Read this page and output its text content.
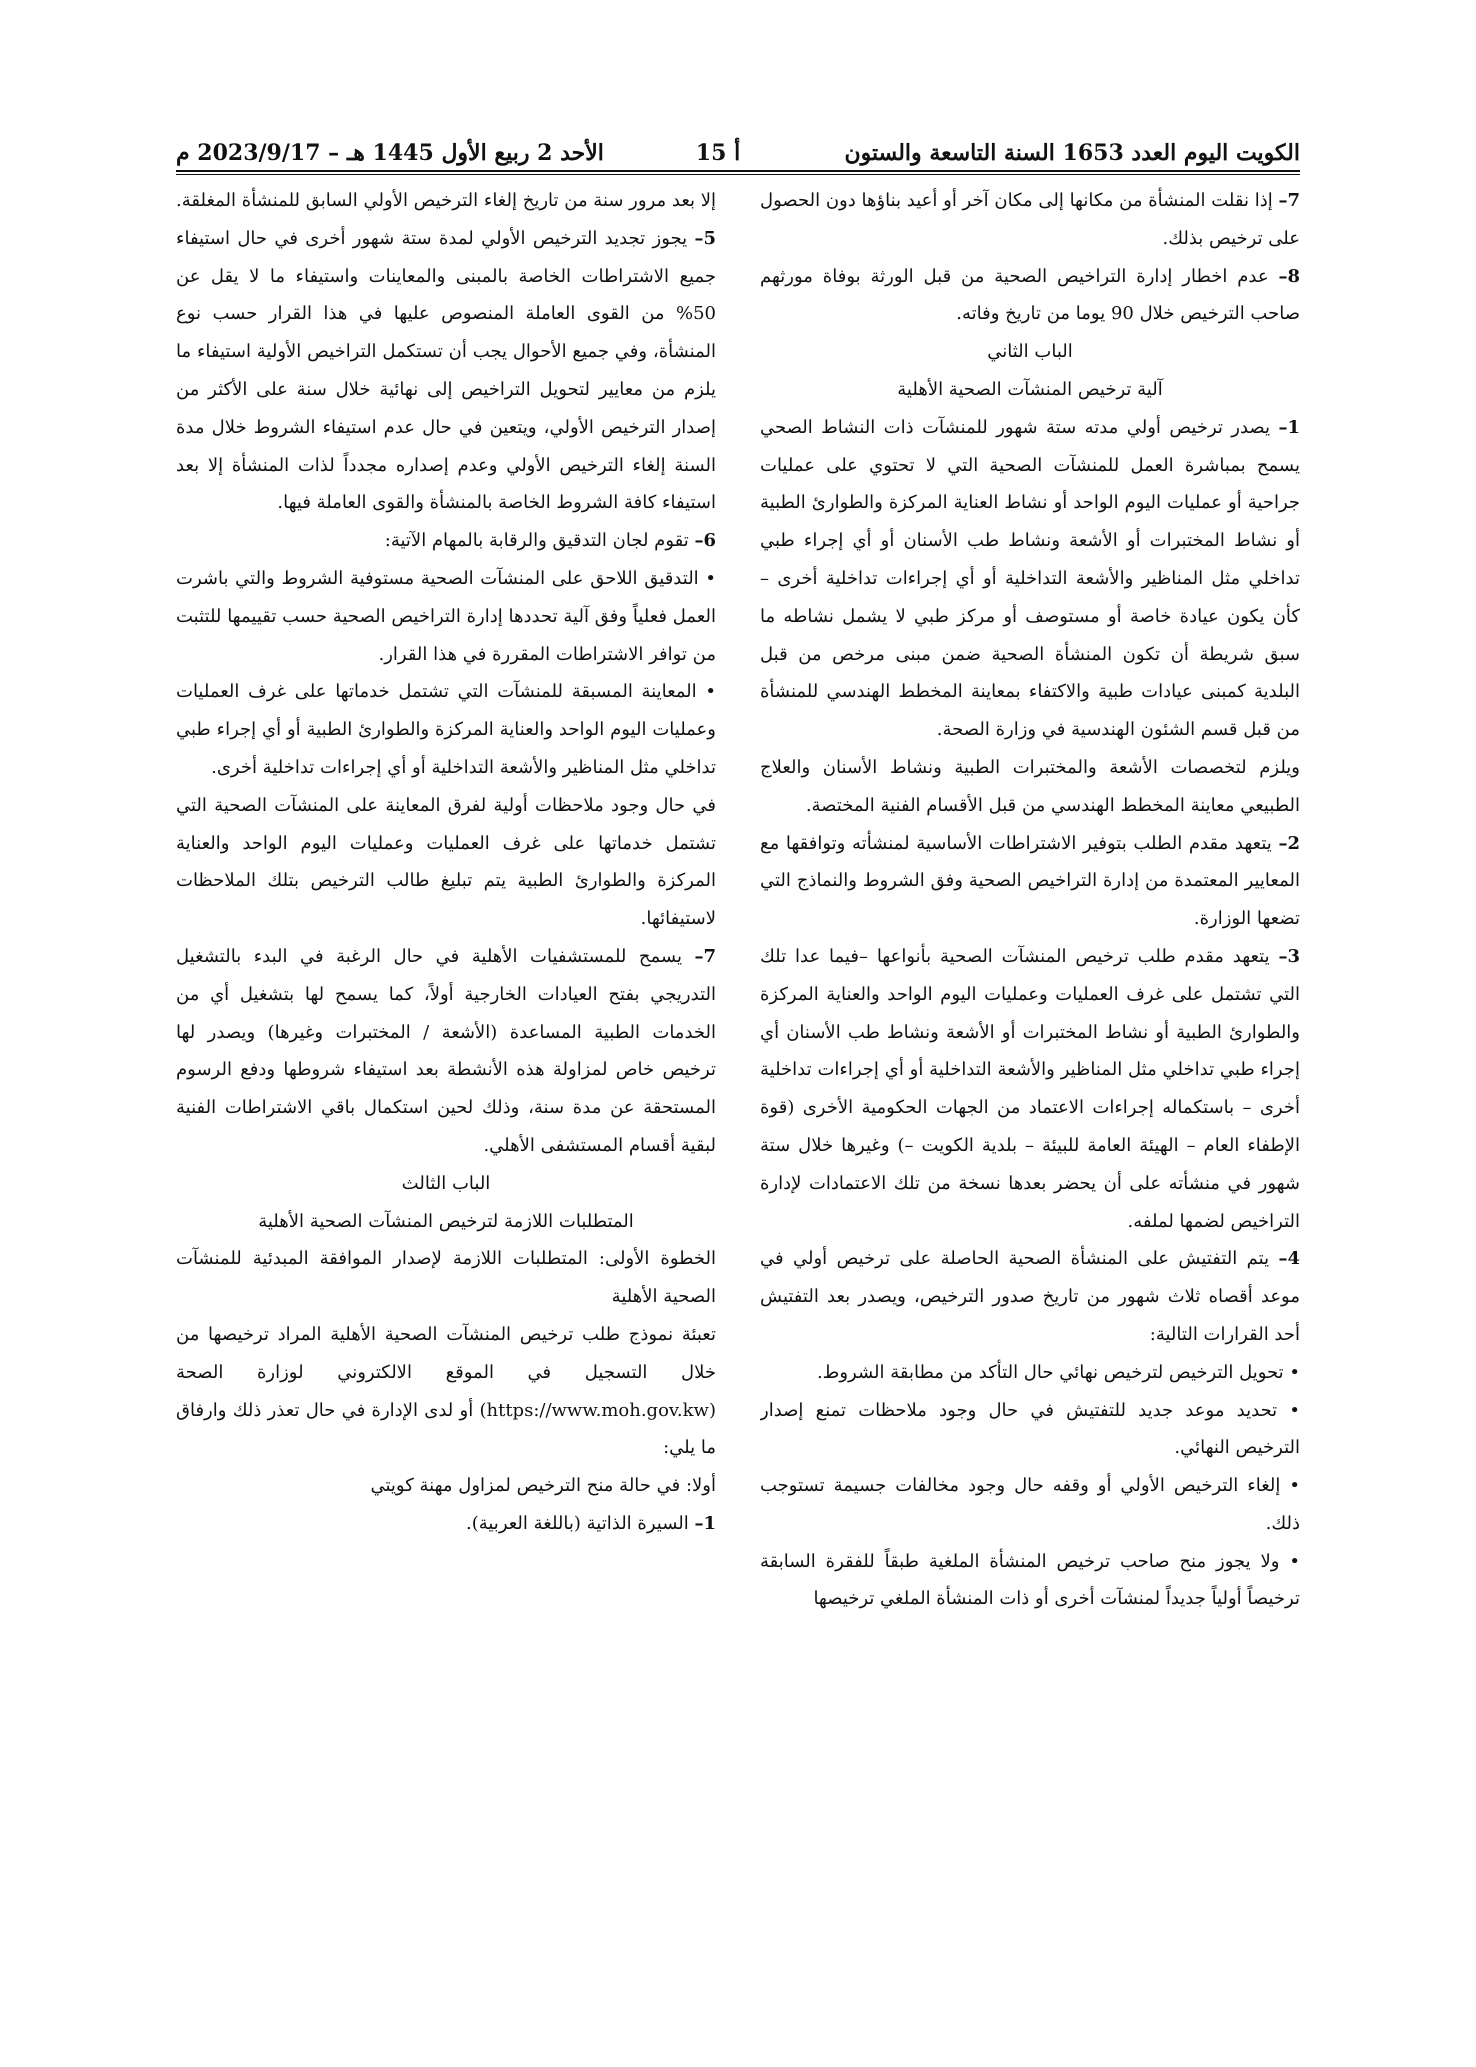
الأحد 2 ربيع الأول 1445 هـ – 2023/9/17 م	أ 15	الكويت اليوم العدد 1653 السنة التاسعة والستون

7– إذا نقلت المنشأة من مكانها إلى مكان آخر أو أعيد بناؤها دون الحصول على ترخيص بذلك.

8– عدم اخطار إدارة التراخيص الصحية من قبل الورثة بوفاة مورثهم صاحب الترخيص خلال 90 يوما من تاريخ وفاته.

الباب الثاني

آلية ترخيص المنشآت الصحية الأهلية

1– يصدر ترخيص أولي مدته ستة شهور للمنشآت ذات النشاط الصحي يسمح بمباشرة العمل للمنشآت الصحية التي لا تحتوي على عمليات جراحية أو عمليات اليوم الواحد أو نشاط العناية المركزة والطوارئ الطبية أو نشاط المختبرات أو الأشعة ونشاط طب الأسنان أو أي إجراء طبي تداخلي مثل المناظير والأشعة التداخلية أو أي إجراءات تداخلية أخرى – كأن يكون عيادة خاصة أو مستوصف أو مركز طبي لا يشمل نشاطه ما سبق شريطة أن تكون المنشأة الصحية ضمن مبنى مرخص من قبل البلدية كمبنى عيادات طبية والاكتفاء بمعاينة المخطط الهندسي للمنشأة من قبل قسم الشئون الهندسية في وزارة الصحة.

ويلزم لتخصصات الأشعة والمختبرات الطبية ونشاط الأسنان والعلاج الطبيعي معاينة المخطط الهندسي من قبل الأقسام الفنية المختصة.

2– يتعهد مقدم الطلب بتوفير الاشتراطات الأساسية لمنشأته وتوافقها مع المعايير المعتمدة من إدارة التراخيص الصحية وفق الشروط والنماذج التي تضعها الوزارة.

3– يتعهد مقدم طلب ترخيص المنشآت الصحية بأنواعها –فيما عدا تلك التي تشتمل على غرف العمليات وعمليات اليوم الواحد والعناية المركزة والطوارئ الطبية أو نشاط المختبرات أو الأشعة ونشاط طب الأسنان أي إجراء طبي تداخلي مثل المناظير والأشعة التداخلية أو أي إجراءات تداخلية أخرى – باستكماله إجراءات الاعتماد من الجهات الحكومية الأخرى (قوة الإطفاء العام – الهيئة العامة للبيئة – بلدية الكويت –) وغيرها خلال ستة شهور في منشأته على أن يحضر بعدها نسخة من تلك الاعتمادات لإدارة التراخيص لضمها لملفه.

4– يتم التفتيش على المنشأة الصحية الحاصلة على ترخيص أولي في موعد أقصاه ثلاث شهور من تاريخ صدور الترخيص، ويصدر بعد التفتيش أحد القرارات التالية:

• تحويل الترخيص لترخيص نهائي حال التأكد من مطابقة الشروط.

• تحديد موعد جديد للتفتيش في حال وجود ملاحظات تمنع إصدار الترخيص النهائي.

• إلغاء الترخيص الأولي أو وقفه حال وجود مخالفات جسيمة تستوجب ذلك.

• ولا يجوز منح صاحب ترخيص المنشأة الملغية طبقاً للفقرة السابقة ترخيصاً أولياً جديداً لمنشآت أخرى أو ذات المنشأة الملغي ترخيصها

إلا بعد مرور سنة من تاريخ إلغاء الترخيص الأولي السابق للمنشأة المغلقة.

5– يجوز تجديد الترخيص الأولي لمدة ستة شهور أخرى في حال استيفاء جميع الاشتراطات الخاصة بالمبنى والمعاينات واستيفاء ما لا يقل عن 50% من القوى العاملة المنصوص عليها في هذا القرار حسب نوع المنشأة، وفي جميع الأحوال يجب أن تستكمل التراخيص الأولية استيفاء ما يلزم من معايير لتحويل التراخيص إلى نهائية خلال سنة على الأكثر من إصدار الترخيص الأولي، ويتعين في حال عدم استيفاء الشروط خلال مدة السنة إلغاء الترخيص الأولي وعدم إصداره مجدداً لذات المنشأة إلا بعد استيفاء كافة الشروط الخاصة بالمنشأة والقوى العاملة فيها.

6– تقوم لجان التدقيق والرقابة بالمهام الآتية:

• التدقيق اللاحق على المنشآت الصحية مستوفية الشروط والتي باشرت العمل فعلياً وفق آلية تحددها إدارة التراخيص الصحية حسب تقييمها للتثبت من توافر الاشتراطات المقررة في هذا القرار.

• المعاينة المسبقة للمنشآت التي تشتمل خدماتها على غرف العمليات وعمليات اليوم الواحد والعناية المركزة والطوارئ الطبية أو أي إجراء طبي تداخلي مثل المناظير والأشعة التداخلية أو أي إجراءات تداخلية أخرى.

في حال وجود ملاحظات أولية لفرق المعاينة على المنشآت الصحية التي تشتمل خدماتها على غرف العمليات وعمليات اليوم الواحد والعناية المركزة والطوارئ الطبية يتم تبليغ طالب الترخيص بتلك الملاحظات لاستيفائها.

7– يسمح للمستشفيات الأهلية في حال الرغبة في البدء بالتشغيل التدريجي بفتح العيادات الخارجية أولاً، كما يسمح لها بتشغيل أي من الخدمات الطبية المساعدة (الأشعة / المختبرات وغيرها) ويصدر لها ترخيص خاص لمزاولة هذه الأنشطة بعد استيفاء شروطها ودفع الرسوم المستحقة عن مدة سنة، وذلك لحين استكمال باقي الاشتراطات الفنية لبقية أقسام المستشفى الأهلي.

الباب الثالث

المتطلبات اللازمة لترخيص المنشآت الصحية الأهلية

الخطوة الأولى: المتطلبات اللازمة لإصدار الموافقة المبدئية للمنشآت الصحية الأهلية

تعبئة نموذج طلب ترخيص المنشآت الصحية الأهلية المراد ترخيصها من خلال التسجيل في الموقع الالكتروني لوزارة الصحة (https://www.moh.gov.kw) أو لدى الإدارة في حال تعذر ذلك وارفاق ما يلي:

أولا: في حالة منح الترخيص لمزاول مهنة كويتي

1– السيرة الذاتية (باللغة العربية).
